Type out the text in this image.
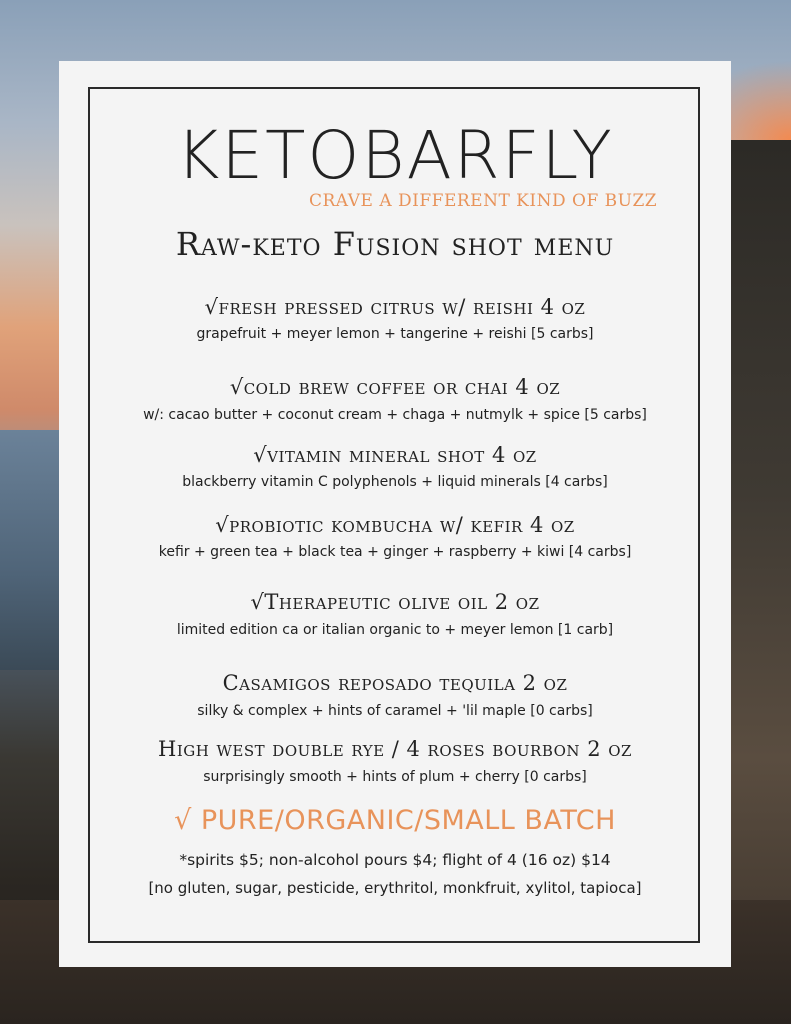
KETOBARFLY
CRAVE A DIFFERENT KIND OF BUZZ
Raw-keto Fusion shot menu
√fresh pressed citrus w/ reishi 4 oz
grapefruit + meyer lemon + tangerine + reishi [5 carbs]
√cold brew coffee or chai 4 oz
w/: cacao butter + coconut cream + chaga + nutmylk + spice [5 carbs]
√vitamin mineral shot 4 oz
blackberry vitamin C polyphenols + liquid minerals [4 carbs]
√probiotic kombucha w/ kefir 4 oz
kefir + green tea + black tea + ginger + raspberry + kiwi [4 carbs]
√Therapeutic olive oil 2 oz
limited edition ca or italian organic to + meyer lemon [1 carb]
Casamigos reposado tequila 2 oz
silky & complex + hints of caramel + 'lil maple [0 carbs]
High west double rye / 4 roses bourbon 2 oz
surprisingly smooth + hints of plum + cherry [0 carbs]
√ PURE/ORGANIC/SMALL BATCH
*spirits $5; non-alcohol pours $4; flight of 4 (16 oz) $14
[no gluten, sugar, pesticide, erythritol, monkfruit, xylitol, tapioca]
